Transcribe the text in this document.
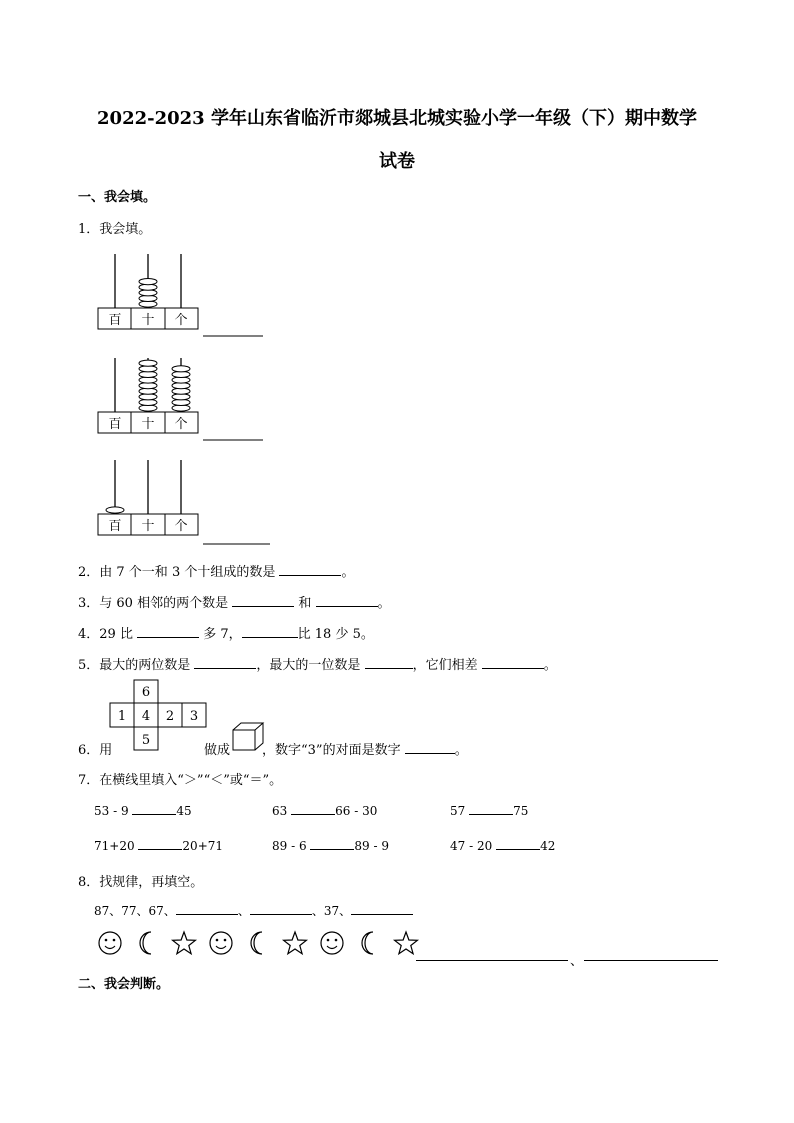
2022-2023 学年山东省临沂市郯城县北城实验小学一年级（下）期中数学
试卷
一、我会填。
1．我会填。
百 十 个
百 十 个
百 十 个
2．由 7 个一和 3 个十组成的数是	。
3．与 60 相邻的两个数是	和	。
4．29 比	多 7，	比 18 少 5。
5．最大的两位数是	，最大的一位数是	，它们相差	。
6
1 4 2 3
5
6．用	做成 ，数字“3”的对面是数字	。
7．在横线里填入“＞”“＜”或“＝”。
53 - 9	45	63	66 - 30	57	75
71+20	20+71	89 - 6	89 - 9	47 - 20	42
8．找规律，再填空。
87、77、67、	、	、37、
、
二、我会判断。
